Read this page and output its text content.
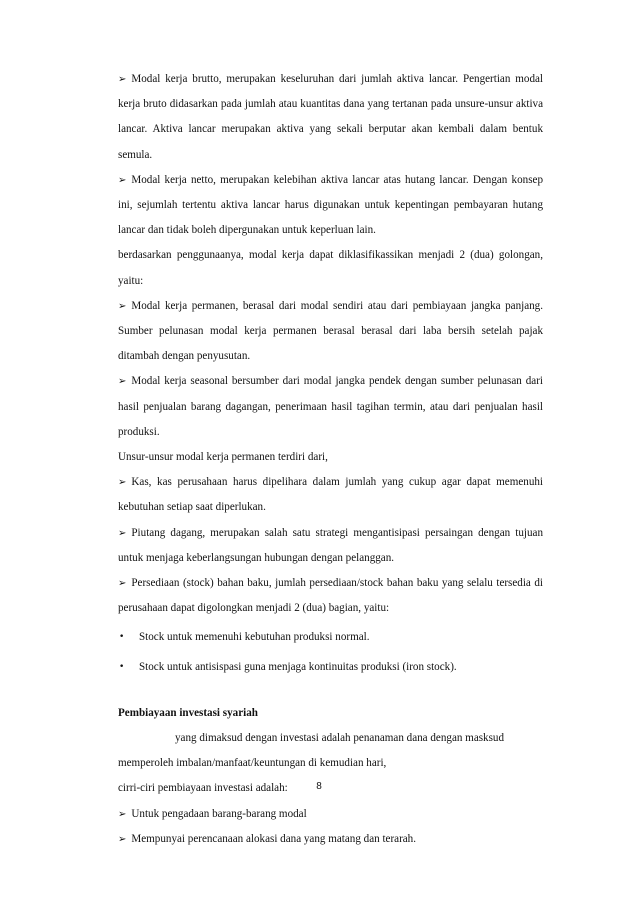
➢ Modal kerja brutto, merupakan keseluruhan dari jumlah aktiva lancar. Pengertian modal kerja bruto didasarkan pada jumlah atau kuantitas dana yang tertanan pada unsure-unsur aktiva lancar. Aktiva lancar merupakan aktiva yang sekali berputar akan kembali dalam bentuk semula.

➢ Modal kerja netto, merupakan kelebihan aktiva lancar atas hutang lancar. Dengan konsep ini, sejumlah tertentu aktiva lancar harus digunakan untuk kepentingan pembayaran hutang lancar dan tidak boleh dipergunakan untuk keperluan lain.

berdasarkan penggunaanya, modal kerja dapat diklasifikassikan menjadi 2 (dua) golongan, yaitu:

➢ Modal kerja permanen, berasal dari modal sendiri atau dari pembiayaan jangka panjang. Sumber pelunasan modal kerja permanen berasal berasal dari laba bersih setelah pajak ditambah dengan penyusutan.

➢ Modal kerja seasonal bersumber dari modal jangka pendek dengan sumber pelunasan dari hasil penjualan barang dagangan, penerimaan hasil tagihan termin, atau dari penjualan hasil produksi.

Unsur-unsur modal kerja permanen terdiri dari,

➢ Kas, kas perusahaan harus dipelihara dalam jumlah yang cukup agar dapat memenuhi kebutuhan setiap saat diperlukan.

➢ Piutang dagang, merupakan salah satu strategi mengantisipasi persaingan dengan tujuan untuk menjaga keberlangsungan hubungan dengan pelanggan.

➢ Persediaan (stock) bahan baku, jumlah persediaan/stock bahan baku yang selalu tersedia di perusahaan dapat digolongkan menjadi 2 (dua) bagian, yaitu:

• Stock untuk memenuhi kebutuhan produksi normal.
• Stock untuk antisispasi guna menjaga kontinuitas produksi (iron stock).

Pembiayaan investasi syariah

yang dimaksud dengan investasi adalah penanaman dana dengan masksud memperoleh imbalan/manfaat/keuntungan di kemudian hari,

cirri-ciri pembiayaan investasi adalah:

➢ Untuk pengadaan barang-barang modal

➢ Mempunyai perencanaan alokasi dana yang matang dan terarah.

8
